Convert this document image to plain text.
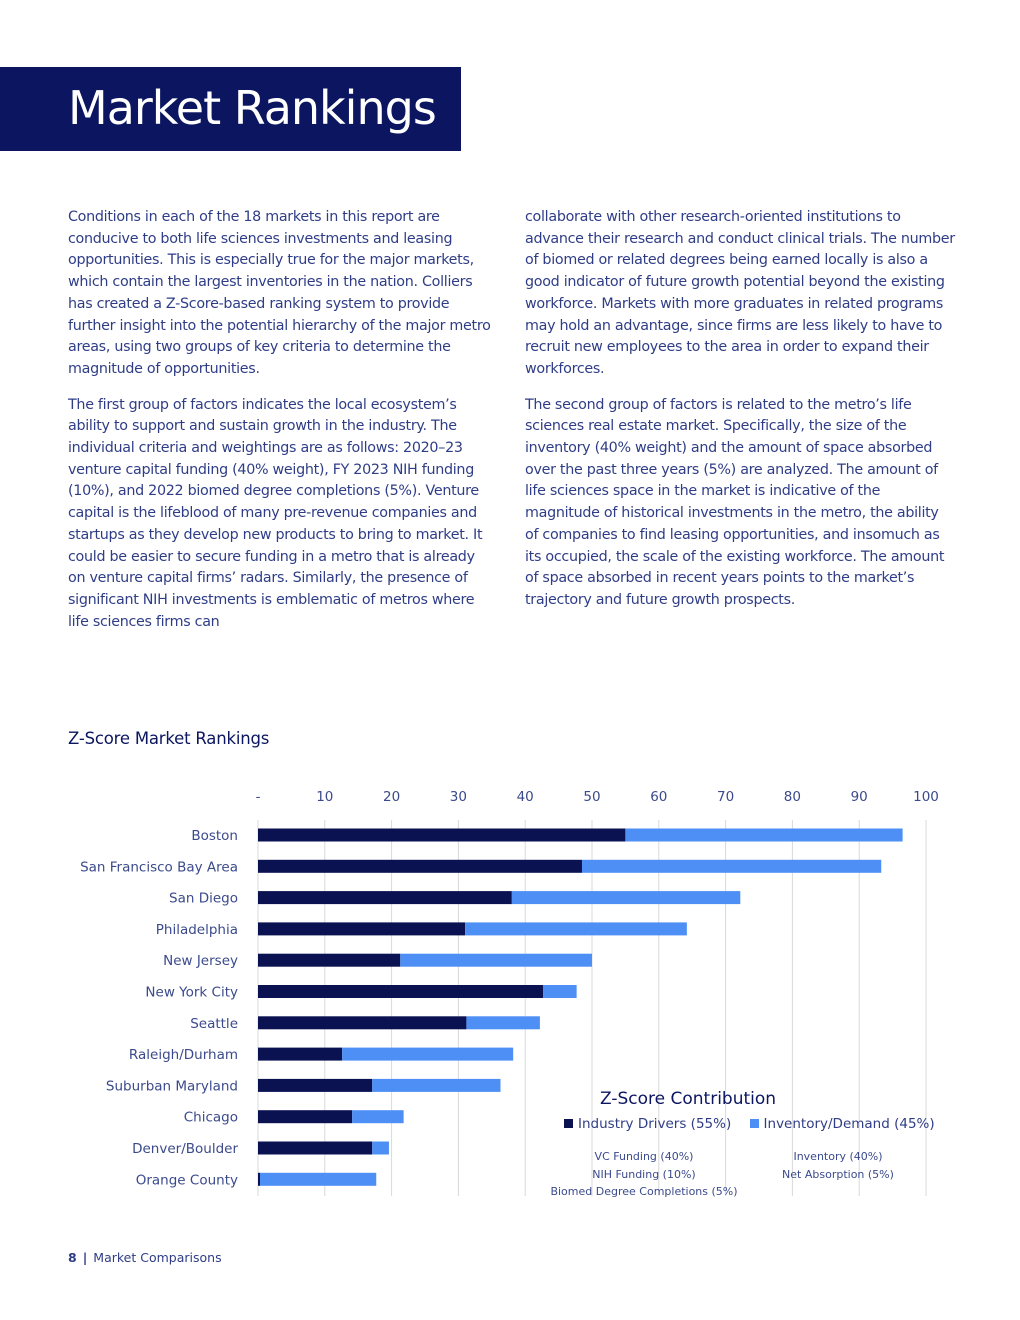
Market Rankings

Conditions in each of the 18 markets in this report are conducive to both life sciences investments and leasing opportunities. This is especially true for the major markets, which contain the largest inventories in the nation. Colliers has created a Z-Score-based ranking system to provide further insight into the potential hierarchy of the major metro areas, using two groups of key criteria to determine the magnitude of opportunities.

The first group of factors indicates the local ecosystem’s ability to support and sustain growth in the industry. The individual criteria and weightings are as follows: 2020–23 venture capital funding (40% weight), FY 2023 NIH funding (10%), and 2022 biomed degree completions (5%). Venture capital is the lifeblood of many pre-revenue companies and startups as they develop new products to bring to market. It could be easier to secure funding in a metro that is already on venture capital firms’ radars. Similarly, the presence of significant NIH investments is emblematic of metros where life sciences firms can

collaborate with other research-oriented institutions to advance their research and conduct clinical trials. The number of biomed or related degrees being earned locally is also a good indicator of future growth potential beyond the existing workforce. Markets with more graduates in related programs may hold an advantage, since firms are less likely to have to recruit new employees to the area in order to expand their workforces.

The second group of factors is related to the metro’s life sciences real estate market. Specifically, the size of the inventory (40% weight) and the amount of space absorbed over the past three years (5%) are analyzed. The amount of life sciences space in the market is indicative of the magnitude of historical investments in the metro, the ability of companies to find leasing opportunities, and insomuch as its occupied, the scale of the existing workforce. The amount of space absorbed in recent years points to the market’s trajectory and future growth prospects.

Z-Score Market Rankings
-	10	20	30	40	50	60	70	80	90	100
Boston
San Francisco Bay Area
San Diego
Philadelphia
New Jersey
New York City
Seattle
Raleigh/Durham
Suburban Maryland
Chicago
Denver/Boulder
Orange County
Z-Score Contribution
Industry Drivers (55%) Inventory/Demand (45%)
VC Funding (40%)
NIH Funding (10%)
Biomed Degree Completions (5%)
Inventory (40%)
Net Absorption (5%)
8 | Market Comparisons
